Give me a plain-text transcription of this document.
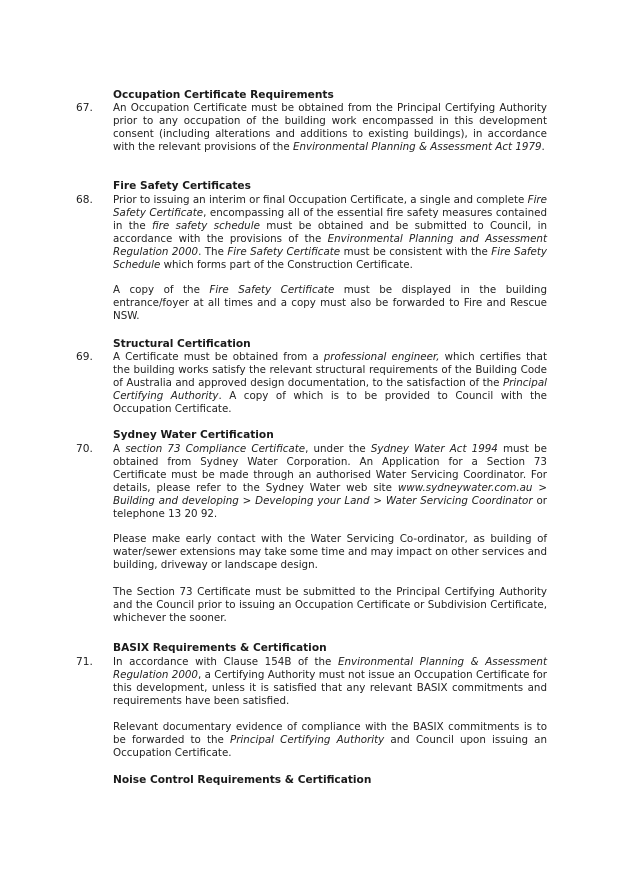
Occupation Certificate Requirements
67. An Occupation Certificate must be obtained from the Principal Certifying Authority prior to any occupation of the building work encompassed in this development consent (including alterations and additions to existing buildings), in accordance with the relevant provisions of the Environmental Planning & Assessment Act 1979.
Fire Safety Certificates
68. Prior to issuing an interim or final Occupation Certificate, a single and complete Fire Safety Certificate, encompassing all of the essential fire safety measures contained in the fire safety schedule must be obtained and be submitted to Council, in accordance with the provisions of the Environmental Planning and Assessment Regulation 2000. The Fire Safety Certificate must be consistent with the Fire Safety Schedule which forms part of the Construction Certificate.
A copy of the Fire Safety Certificate must be displayed in the building entrance/foyer at all times and a copy must also be forwarded to Fire and Rescue NSW.
Structural Certification
69. A Certificate must be obtained from a professional engineer, which certifies that the building works satisfy the relevant structural requirements of the Building Code of Australia and approved design documentation, to the satisfaction of the Principal Certifying Authority. A copy of which is to be provided to Council with the Occupation Certificate.
Sydney Water Certification
70. A section 73 Compliance Certificate, under the Sydney Water Act 1994 must be obtained from Sydney Water Corporation. An Application for a Section 73 Certificate must be made through an authorised Water Servicing Coordinator. For details, please refer to the Sydney Water web site www.sydneywater.com.au > Building and developing > Developing your Land > Water Servicing Coordinator or telephone 13 20 92.
Please make early contact with the Water Servicing Co-ordinator, as building of water/sewer extensions may take some time and may impact on other services and building, driveway or landscape design.
The Section 73 Certificate must be submitted to the Principal Certifying Authority and the Council prior to issuing an Occupation Certificate or Subdivision Certificate, whichever the sooner.
BASIX Requirements & Certification
71. In accordance with Clause 154B of the Environmental Planning & Assessment Regulation 2000, a Certifying Authority must not issue an Occupation Certificate for this development, unless it is satisfied that any relevant BASIX commitments and requirements have been satisfied.
Relevant documentary evidence of compliance with the BASIX commitments is to be forwarded to the Principal Certifying Authority and Council upon issuing an Occupation Certificate.
Noise Control Requirements & Certification
